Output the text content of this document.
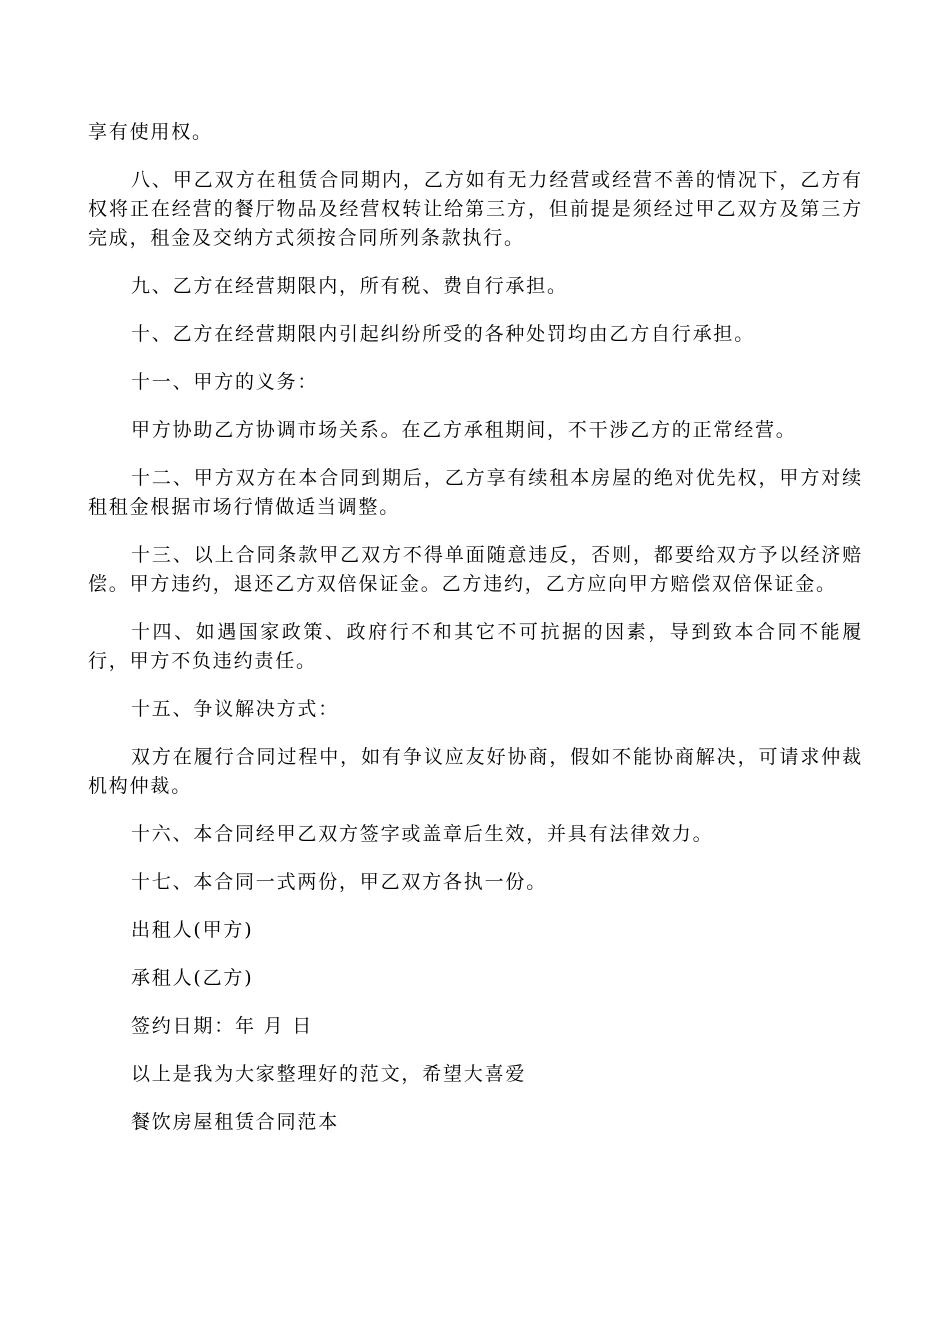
享有使用权。

八、甲乙双方在租赁合同期内，乙方如有无力经营或经营不善的情况下，乙方有权将正在经营的餐厅物品及经营权转让给第三方，但前提是须经过甲乙双方及第三方完成，租金及交纳方式须按合同所列条款执行。

九、乙方在经营期限内，所有税、费自行承担。

十、乙方在经营期限内引起纠纷所受的各种处罚均由乙方自行承担。

十一、甲方的义务：

甲方协助乙方协调市场关系。在乙方承租期间，不干涉乙方的正常经营。

十二、甲方双方在本合同到期后，乙方享有续租本房屋的绝对优先权，甲方对续租租金根据市场行情做适当调整。

十三、以上合同条款甲乙双方不得单面随意违反，否则，都要给双方予以经济赔偿。甲方违约，退还乙方双倍保证金。乙方违约，乙方应向甲方赔偿双倍保证金。

十四、如遇国家政策、政府行不和其它不可抗据的因素，导到致本合同不能履行，甲方不负违约责任。

十五、争议解决方式：

双方在履行合同过程中，如有争议应友好协商，假如不能协商解决，可请求仲裁机构仲裁。

十六、本合同经甲乙双方签字或盖章后生效，并具有法律效力。

十七、本合同一式两份，甲乙双方各执一份。

出租人(甲方)

承租人(乙方)

签约日期：年 月 日

以上是我为大家整理好的范文，希望大喜爱

餐饮房屋租赁合同范本
